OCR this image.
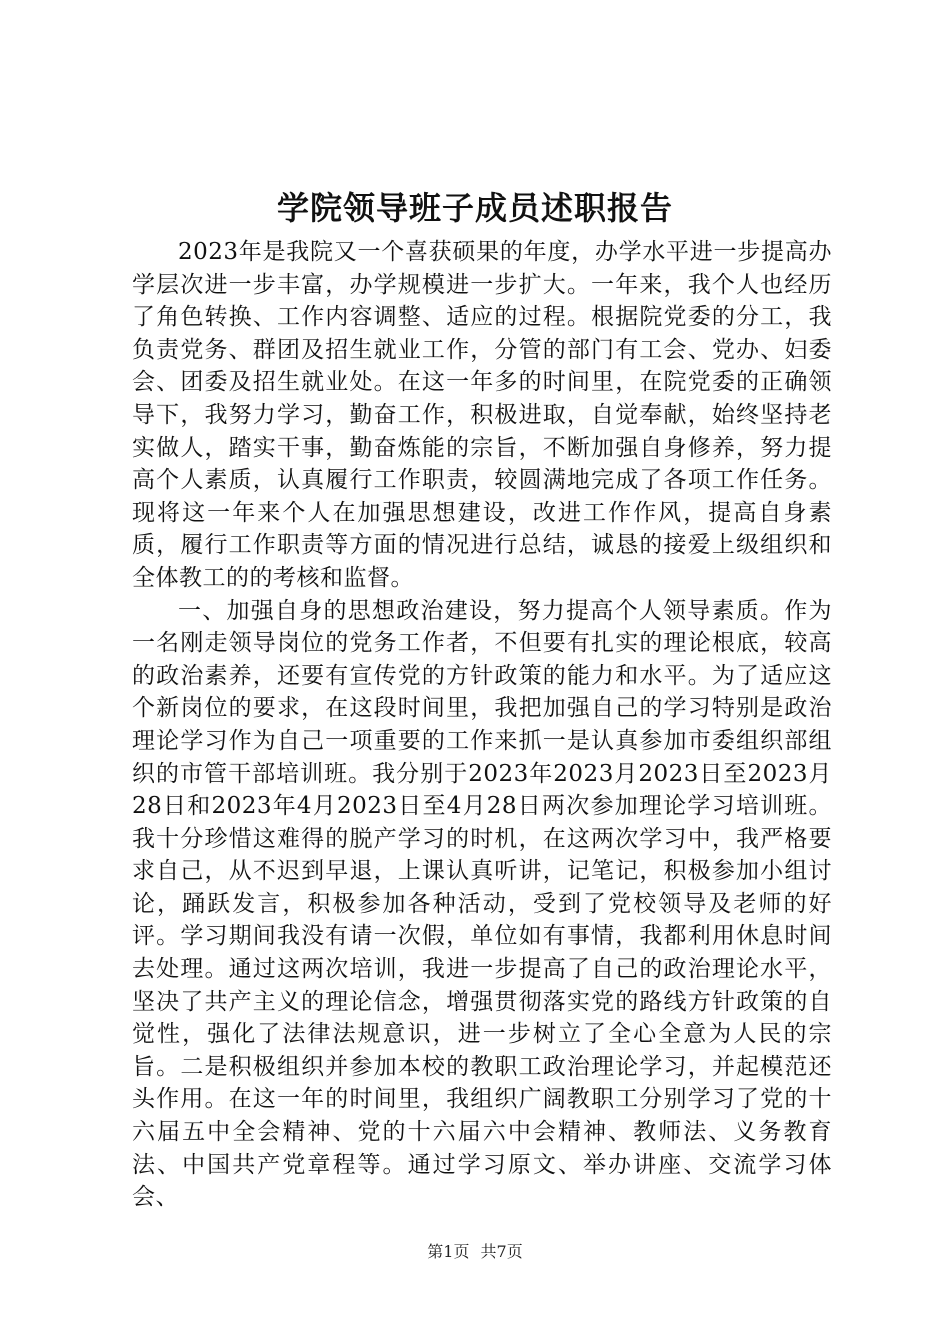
学院领导班子成员述职报告

2023年是我院又一个喜获硕果的年度，办学水平进一步提高办学层次进一步丰富，办学规模进一步扩大。一年来，我个人也经历了角色转换、工作内容调整、适应的过程。根据院党委的分工，我负责党务、群团及招生就业工作，分管的部门有工会、党办、妇委会、团委及招生就业处。在这一年多的时间里，在院党委的正确领导下，我努力学习，勤奋工作，积极进取，自觉奉献，始终坚持老实做人，踏实干事，勤奋炼能的宗旨，不断加强自身修养，努力提高个人素质，认真履行工作职责，较圆满地完成了各项工作任务。现将这一年来个人在加强思想建设，改进工作作风，提高自身素质，履行工作职责等方面的情况进行总结，诚恳的接爱上级组织和全体教工的的考核和监督。

一、加强自身的思想政治建设，努力提高个人领导素质。作为一名刚走领导岗位的党务工作者，不但要有扎实的理论根底，较高的政治素养，还要有宣传党的方针政策的能力和水平。为了适应这个新岗位的要求，在这段时间里，我把加强自己的学习特别是政治理论学习作为自己一项重要的工作来抓一是认真参加市委组织部组织的市管干部培训班。我分别于2023年2023月2023日至2023月28日和2023年4月2023日至4月28日两次参加理论学习培训班。我十分珍惜这难得的脱产学习的时机，在这两次学习中，我严格要求自己，从不迟到早退，上课认真听讲，记笔记，积极参加小组讨论，踊跃发言，积极参加各种活动，受到了党校领导及老师的好评。学习期间我没有请一次假，单位如有事情，我都利用休息时间去处理。通过这两次培训，我进一步提高了自己的政治理论水平，坚决了共产主义的理论信念，增强贯彻落实党的路线方针政策的自觉性，强化了法律法规意识，进一步树立了全心全意为人民的宗旨。二是积极组织并参加本校的教职工政治理论学习，并起模范还头作用。在这一年的时间里，我组织广阔教职工分别学习了党的十六届五中全会精神、党的十六届六中会精神、教师法、义务教育法、中国共产党章程等。通过学习原文、举办讲座、交流学习体会、

第1页 共7页
